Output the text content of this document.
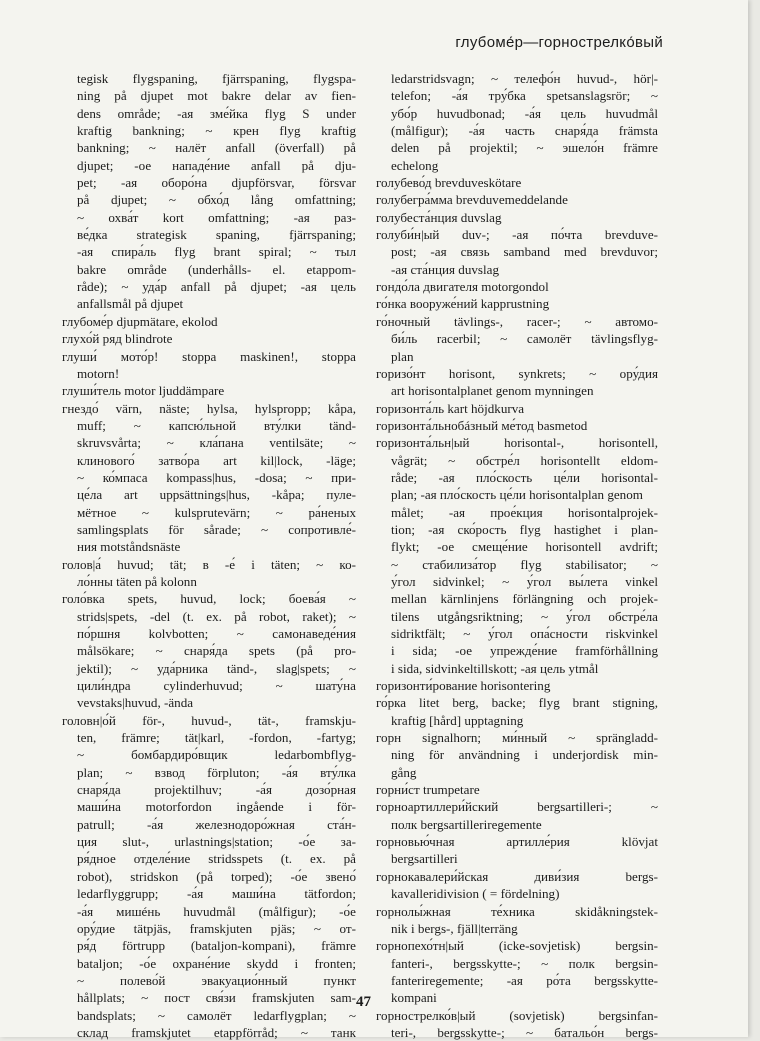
глубоме́р—горнострелко́вый
tegisk flygspaning, fjärrspaning, flygspa-
ning på djupet mot bakre delar av fien-
dens område; -ая зме́йка flyg S under
kraftig bankning; ~ крен flyg kraftig
bankning; ~ налёт anfall (överfall) på
djupet; -ое нападе́ние anfall på dju-
pet; -ая оборо́на djupförsvar, försvar
på djupet; ~ обхо́д lång omfattning;
~ охва́т kort omfattning; -ая раз-
ве́дка strategisk spaning, fjärrspaning;
-ая спира́ль flyg brant spiral; ~ тыл
bakre område (underhålls- el. etappom-
råde); ~ уда́р anfall på djupet; -ая цель
anfallsmål på djupet
глубоме́р djupmätare, ekolod
глухо́й ряд blindrote
глуши́ мото́р! stoppa maskinen!, stoppa
motorn!
глуши́тель motor ljuddämpare
гнездо́ värn, näste; hylsa, hylspropp; kåpa,
muff; ~ капсю́льной вту́лки tänd-
skruvsvårta; ~ кла́пана ventilsäte; ~
клинового́ затво́ра art kil|lock, -läge;
~ ко́мпаса kompass|hus, -dosa; ~ при-
це́ла art uppsättnings|hus, -kåpa; пуле-
мётное ~ kulsprutevärn; ~ ра́неных
samlingsplats för sårade; ~ сопротивле́-
ния motståndsnäste
голов|а́ huvud; tät; в -е́ i täten; ~ ко-
ло́нны täten på kolonn
голо́вка spets, huvud, lock; боева́я ~
strids|spets, -del (t. ex. på robot, raket); ~
по́ршня kolvbotten; ~ самонаведе́ния
målsökare; ~ снаря́да spets (på pro-
jektil); ~ уда́рника tänd-, slag|spets; ~
цили́ндра cylinderhuvud; ~ шату́на
vevstaks|huvud, -ända
головн|о́й för-, huvud-, tät-, framskju-
ten, främre; tät|karl, -fordon, -fartyg;
~ бомбардиро́вщик ledarbombflyg-
plan; ~ взвод förpluton; -а́я вту́лка
снаря́да projektilhuv; -а́я дозо́рная
маши́на motorfordon ingående i för-
patrull; -а́я железнодоро́жная ста́н-
ция slut-, urlastnings|station; -о́е за-
ря́дное отделе́ние stridsspets (t. ex. på
robot), stridskon (på torped); -о́е звено́
ledarflyggrupp; -а́я маши́на tätfordon;
-а́я мишéнь huvudmål (målfigur); -о́е
ору́дие tätpjäs, framskjuten pjäs; ~ от-
ря́д förtrupp (bataljon-kompani), främre
bataljon; -о́е охране́ние skydd i fronten;
~ полево́й эвакуацио́нный пункт
hållplats; ~ пост свя́зи framskjuten sam-
bandsplats; ~ самолёт ledarflygplan; ~
склад framskjutet etappförråd; ~ танк
ledarstridsvagn; ~ телефо́н huvud-, hör|-
telefon; -а́я тру́бка spetsanslagsrör; ~
убо́р huvudbonad; -а́я цель huvudmål
(målfigur); -а́я часть снаря́да främsta
delen på projektil; ~ эшело́н främre
echelong
голубево́д brevduveskötare
голубегра́мма brevduvemeddelande
голубеста́нция duvslag
голуби́н|ый duv-; -ая по́чта brevduve-
post; -ая связь samband med brevduvor;
-ая ста́нция duvslag
гондо́ла двигателя motorgondol
го́нка вооруже́ний kapprustning
го́ночный tävlings-, racer-; ~ автомо-
би́ль racerbil; ~ самолёт tävlingsflyg-
plan
горизо́нт horisont, synkrets; ~ ору́дия
art horisontalplanet genom mynningen
горизонта́ль kart höjdkurva
горизонта́льнобáзный ме́тод basmetod
горизонта́льн|ый horisontal-, horisontell,
vågrät; ~ обстре́л horisontellt eldom-
råde; -ая пло́скость це́ли horisontal-
plan; -ая пло́скость це́ли horisontalplan genom
målet; -ая прое́кция horisontalprojek-
tion; -ая ско́рость flyg hastighet i plan-
flykt; -ое смеще́ние horisontell avdrift;
~ стабилиза́тор flyg stabilisator; ~
у́гол sidvinkel; ~ у́гол вы́лета vinkel
mellan kärnlinjens förlängning och projek-
tilens utgångsriktning; ~ у́гол обстре́ла
sidriktfält; ~ у́гол опа́сности riskvinkel
i sida; -ое упрежде́ние framförhållning
i sida, sidvinkeltillskott; -ая цель ytmål
горизонти́рование horisontering
го́рка litet berg, backe; flyg brant stigning,
kraftig [hård] upptagning
горн signalhorn; ми́нный ~ sprängladd-
ning för användning i underjordisk min-
gång
горни́ст trumpetare
горноартиллери́йский bergsartilleri-; ~
полк bergsartilleriregemente
горновью́чная артилле́рия klövjat
bergsartilleri
горнокавалери́йская диви́зия bergs-
kavalleridivision ( = fördelning)
горнолы́жная те́хника skidåkningstek-
nik i bergs-, fjäll|terräng
горнопехо́тн|ый (icke-sovjetisk) bergsin-
fanteri-, bergsskytte-; ~ полк bergsin-
fanteriregemente; -ая ро́та bergsskytte-
kompani
горнострелко́в|ый (sovjetisk) bergsinfan-
teri-, bergsskytte-; ~ батальо́н bergs-
47
